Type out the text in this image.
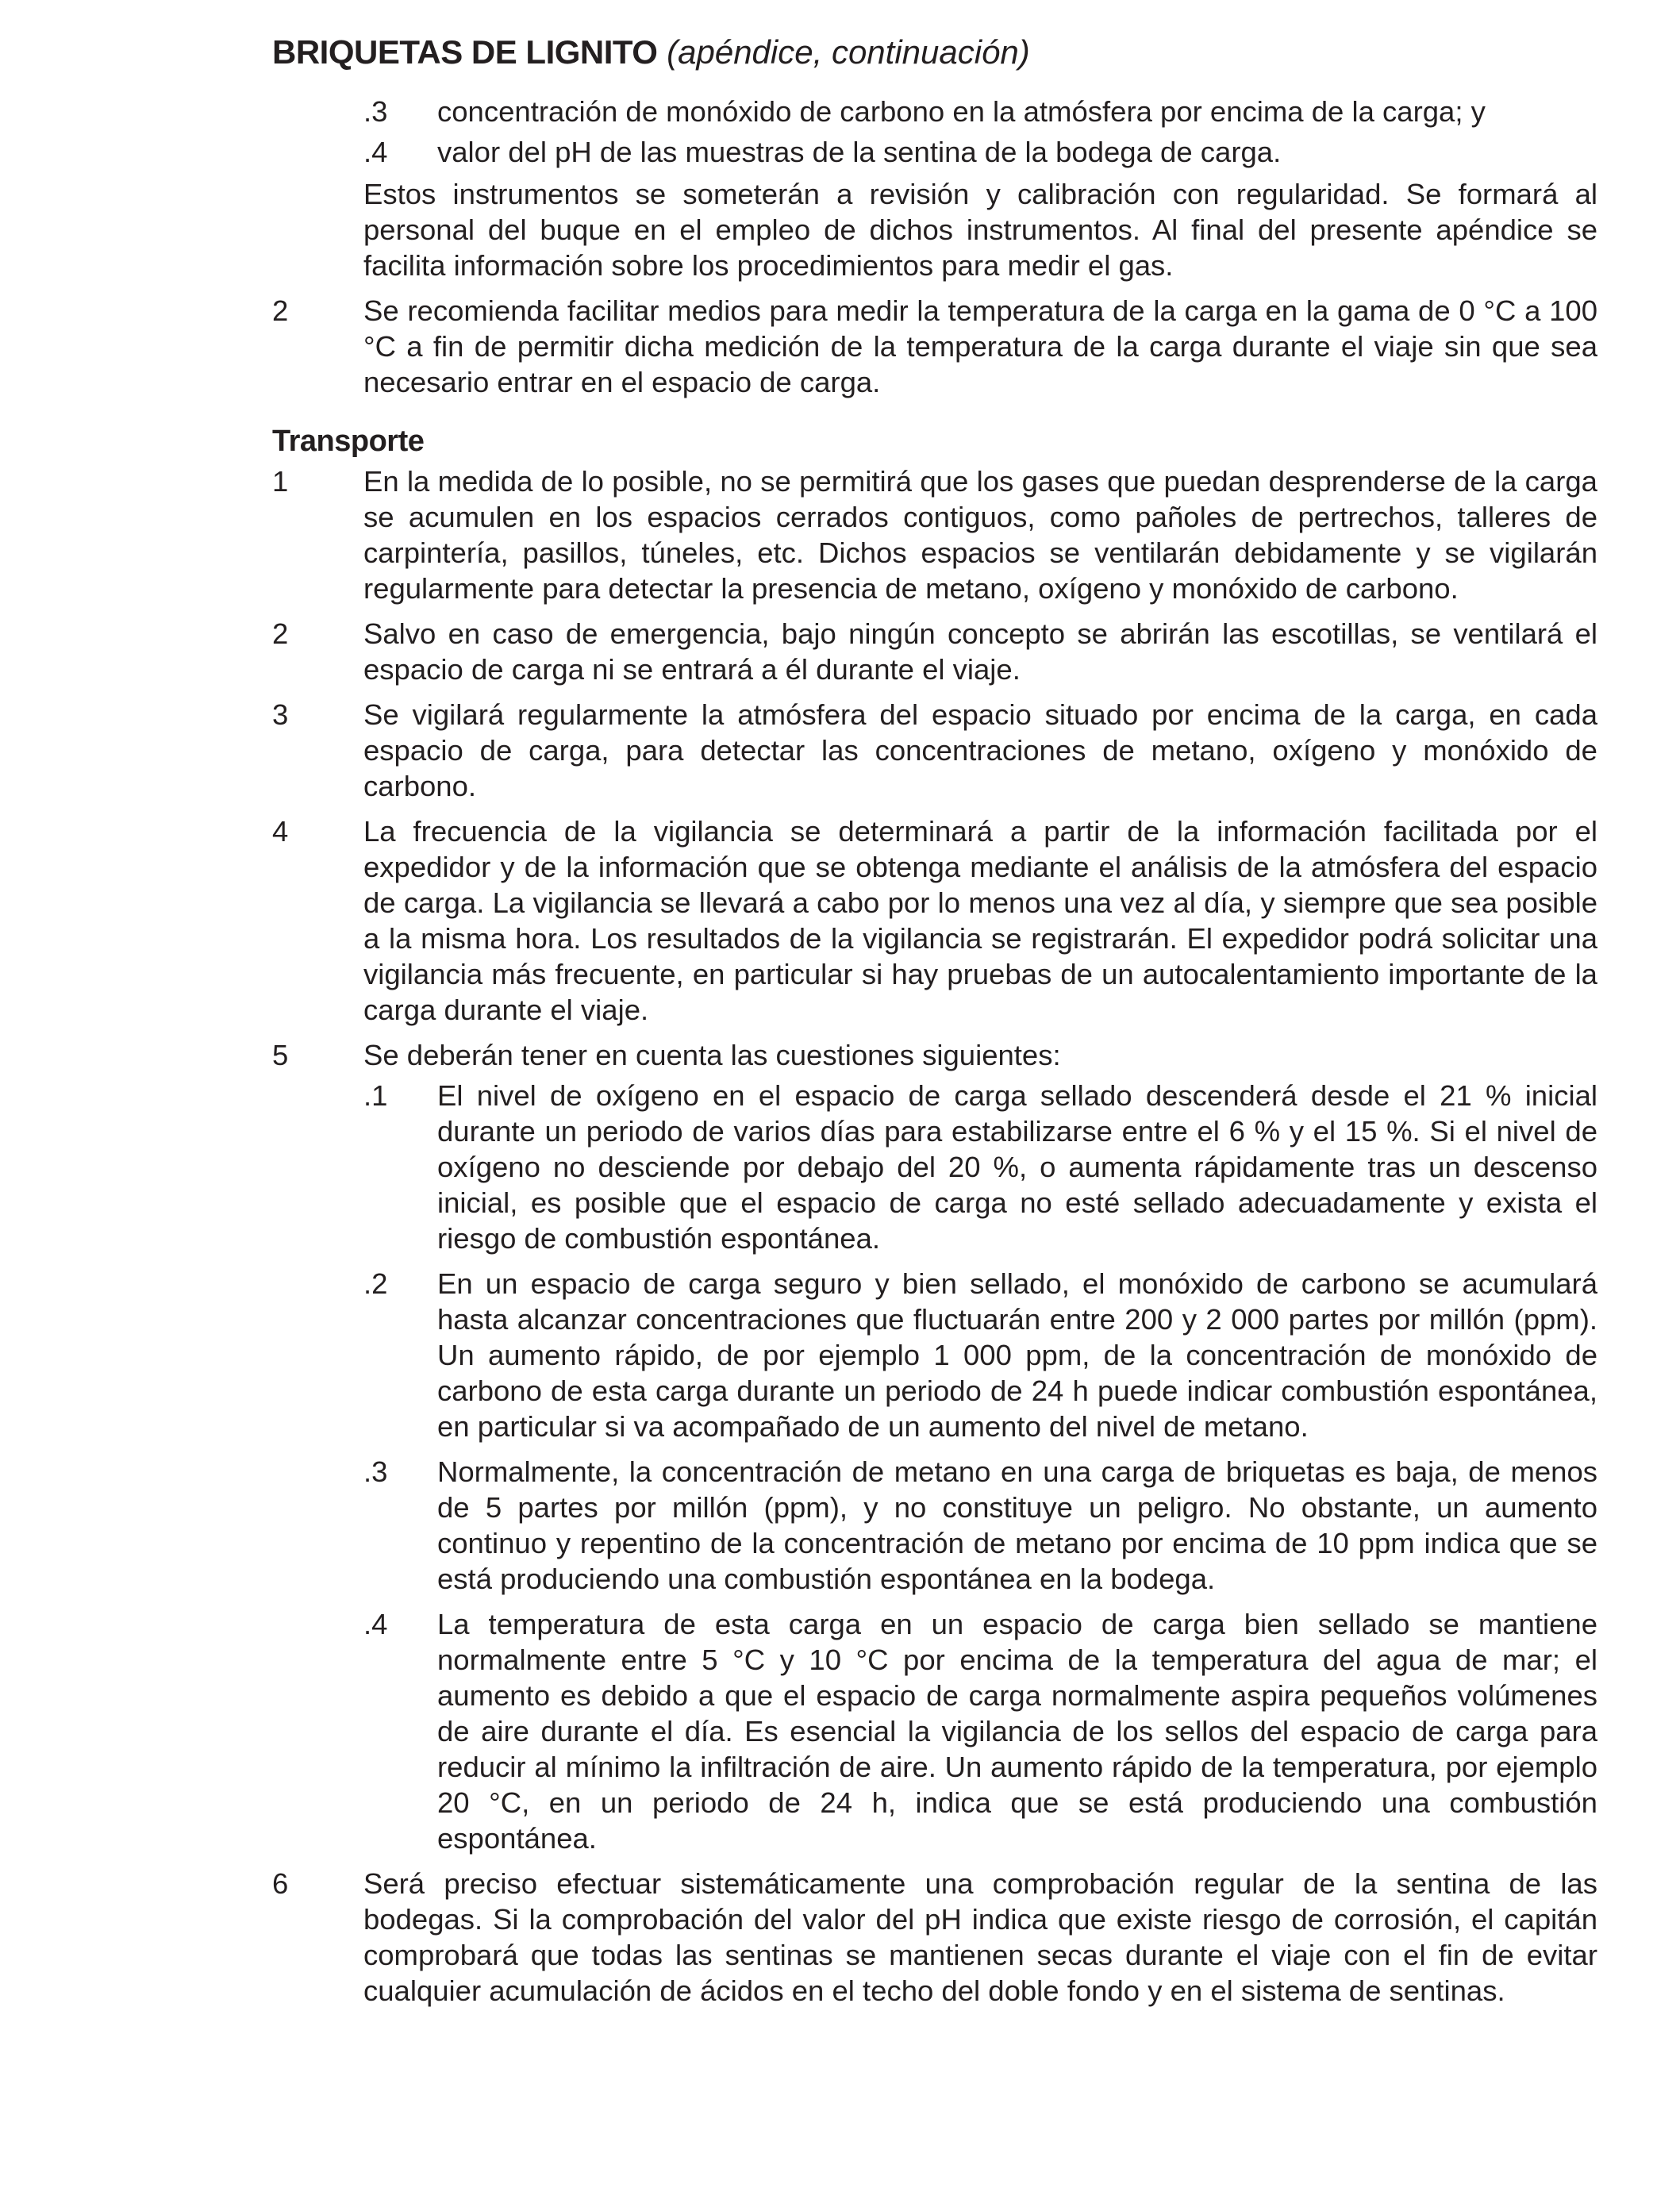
BRIQUETAS DE LIGNITO (apéndice, continuación)
.3	concentración de monóxido de carbono en la atmósfera por encima de la carga; y
.4	valor del pH de las muestras de la sentina de la bodega de carga.
Estos instrumentos se someterán a revisión y calibración con regularidad. Se formará al personal del buque en el empleo de dichos instrumentos. Al final del presente apéndice se facilita información sobre los procedimientos para medir el gas.
2	Se recomienda facilitar medios para medir la temperatura de la carga en la gama de 0 °C a 100 °C a fin de permitir dicha medición de la temperatura de la carga durante el viaje sin que sea necesario entrar en el espacio de carga.
Transporte
1	En la medida de lo posible, no se permitirá que los gases que puedan desprenderse de la carga se acumulen en los espacios cerrados contiguos, como pañoles de pertrechos, talleres de carpintería, pasillos, túneles, etc. Dichos espacios se ventilarán debidamente y se vigilarán regularmente para detectar la presencia de metano, oxígeno y monóxido de carbono.
2	Salvo en caso de emergencia, bajo ningún concepto se abrirán las escotillas, se ventilará el espacio de carga ni se entrará a él durante el viaje.
3	Se vigilará regularmente la atmósfera del espacio situado por encima de la carga, en cada espacio de carga, para detectar las concentraciones de metano, oxígeno y monóxido de carbono.
4	La frecuencia de la vigilancia se determinará a partir de la información facilitada por el expedidor y de la información que se obtenga mediante el análisis de la atmósfera del espacio de carga. La vigilancia se llevará a cabo por lo menos una vez al día, y siempre que sea posible a la misma hora. Los resultados de la vigilancia se registrarán. El expedidor podrá solicitar una vigilancia más frecuente, en particular si hay pruebas de un autocalentamiento importante de la carga durante el viaje.
5	Se deberán tener en cuenta las cuestiones siguientes:
.1	El nivel de oxígeno en el espacio de carga sellado descenderá desde el 21 % inicial durante un periodo de varios días para estabilizarse entre el 6 % y el 15 %. Si el nivel de oxígeno no desciende por debajo del 20 %, o aumenta rápidamente tras un descenso inicial, es posible que el espacio de carga no esté sellado adecuadamente y exista el riesgo de combustión espontánea.
.2	En un espacio de carga seguro y bien sellado, el monóxido de carbono se acumulará hasta alcanzar concentraciones que fluctuarán entre 200 y 2 000 partes por millón (ppm). Un aumento rápido, de por ejemplo 1 000 ppm, de la concentración de monóxido de carbono de esta carga durante un periodo de 24 h puede indicar combustión espontánea, en particular si va acompañado de un aumento del nivel de metano.
.3	Normalmente, la concentración de metano en una carga de briquetas es baja, de menos de 5 partes por millón (ppm), y no constituye un peligro. No obstante, un aumento continuo y repentino de la concentración de metano por encima de 10 ppm indica que se está produciendo una combustión espontánea en la bodega.
.4	La temperatura de esta carga en un espacio de carga bien sellado se mantiene normalmente entre 5 °C y 10 °C por encima de la temperatura del agua de mar; el aumento es debido a que el espacio de carga normalmente aspira pequeños volúmenes de aire durante el día. Es esencial la vigilancia de los sellos del espacio de carga para reducir al mínimo la infiltración de aire. Un aumento rápido de la temperatura, por ejemplo 20 °C, en un periodo de 24 h, indica que se está produciendo una combustión espontánea.
6	Será preciso efectuar sistemáticamente una comprobación regular de la sentina de las bodegas. Si la comprobación del valor del pH indica que existe riesgo de corrosión, el capitán comprobará que todas las sentinas se mantienen secas durante el viaje con el fin de evitar cualquier acumulación de ácidos en el techo del doble fondo y en el sistema de sentinas.
